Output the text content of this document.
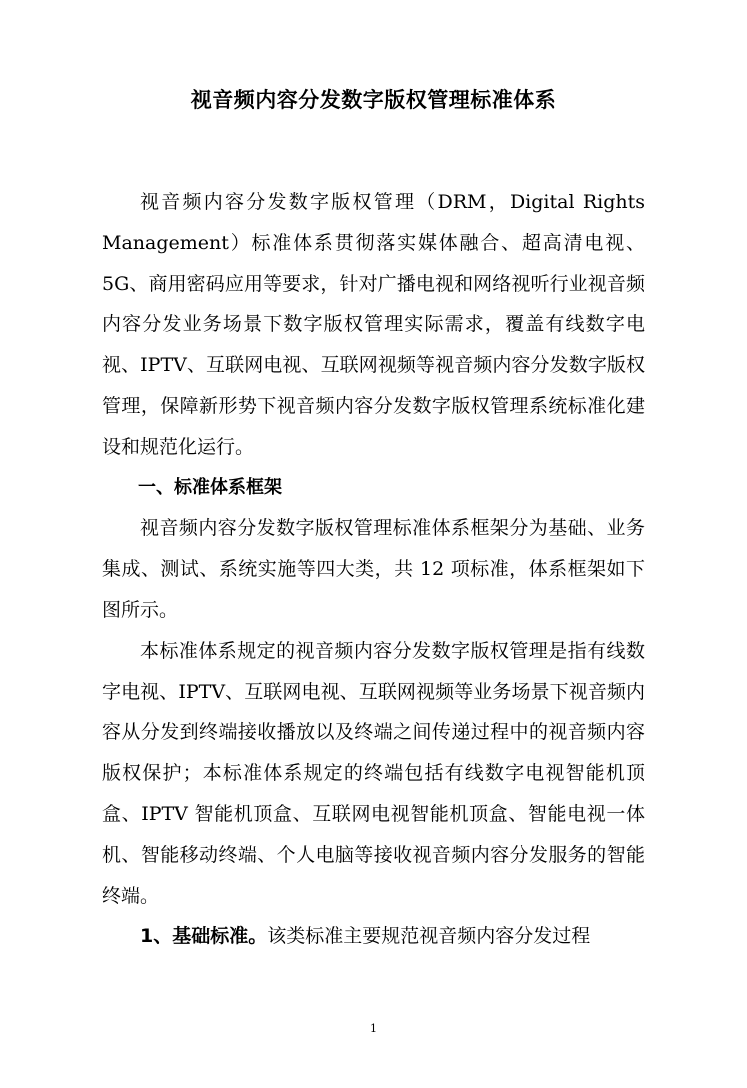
视音频内容分发数字版权管理标准体系

视音频内容分发数字版权管理（DRM，Digital Rights Management）标准体系贯彻落实媒体融合、超高清电视、5G、商用密码应用等要求，针对广播电视和网络视听行业视音频内容分发业务场景下数字版权管理实际需求，覆盖有线数字电视、IPTV、互联网电视、互联网视频等视音频内容分发数字版权管理，保障新形势下视音频内容分发数字版权管理系统标准化建设和规范化运行。

一、标准体系框架

视音频内容分发数字版权管理标准体系框架分为基础、业务集成、测试、系统实施等四大类，共 12 项标准，体系框架如下图所示。

本标准体系规定的视音频内容分发数字版权管理是指有线数字电视、IPTV、互联网电视、互联网视频等业务场景下视音频内容从分发到终端接收播放以及终端之间传递过程中的视音频内容版权保护；本标准体系规定的终端包括有线数字电视智能机顶盒、IPTV 智能机顶盒、互联网电视智能机顶盒、智能电视一体机、智能移动终端、个人电脑等接收视音频内容分发服务的智能终端。

1、基础标准。该类标准主要规范视音频内容分发过程

1
